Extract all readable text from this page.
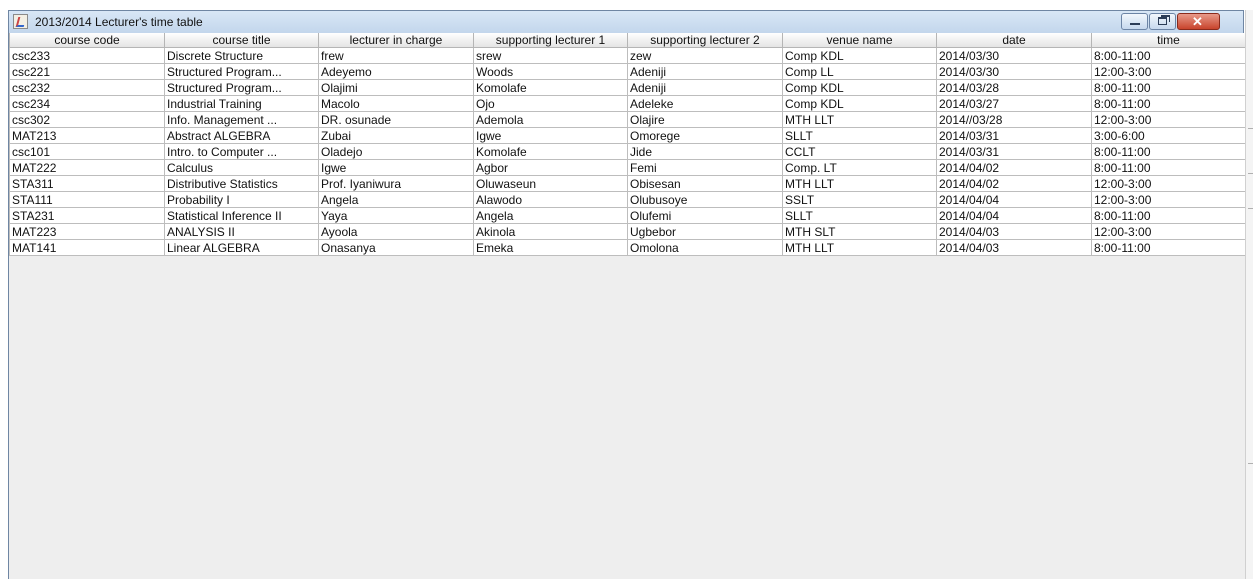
2013/2014 Lecturer's time table	✕
course code	course title	lecturer in charge	supporting lecturer 1	supporting lecturer 2	venue name	date	time
csc233	Discrete Structure	frew	srew	zew	Comp KDL	2014/03/30	8:00-11:00
csc221	Structured Program...	Adeyemo	Woods	Adeniji	Comp LL	2014/03/30	12:00-3:00
csc232	Structured Program...	Olajimi	Komolafe	Adeniji	Comp KDL	2014/03/28	8:00-11:00
csc234	Industrial Training	Macolo	Ojo	Adeleke	Comp KDL	2014/03/27	8:00-11:00
csc302	Info. Management ...	DR. osunade	Ademola	Olajire	MTH LLT	2014//03/28	12:00-3:00
MAT213	Abstract ALGEBRA	Zubai	Igwe	Omorege	SLLT	2014/03/31	3:00-6:00
csc101	Intro. to Computer ...	Oladejo	Komolafe	Jide	CCLT	2014/03/31	8:00-11:00
MAT222	Calculus	Igwe	Agbor	Femi	Comp. LT	2014/04/02	8:00-11:00
STA311	Distributive Statistics	Prof. Iyaniwura	Oluwaseun	Obisesan	MTH LLT	2014/04/02	12:00-3:00
STA111	Probability I	Angela	Alawodo	Olubusoye	SSLT	2014/04/04	12:00-3:00
STA231	Statistical Inference II	Yaya	Angela	Olufemi	SLLT	2014/04/04	8:00-11:00
MAT223	ANALYSIS II	Ayoola	Akinola	Ugbebor	MTH SLT	2014/04/03	12:00-3:00
MAT141	Linear ALGEBRA	Onasanya	Emeka	Omolona	MTH LLT	2014/04/03	8:00-11:00
